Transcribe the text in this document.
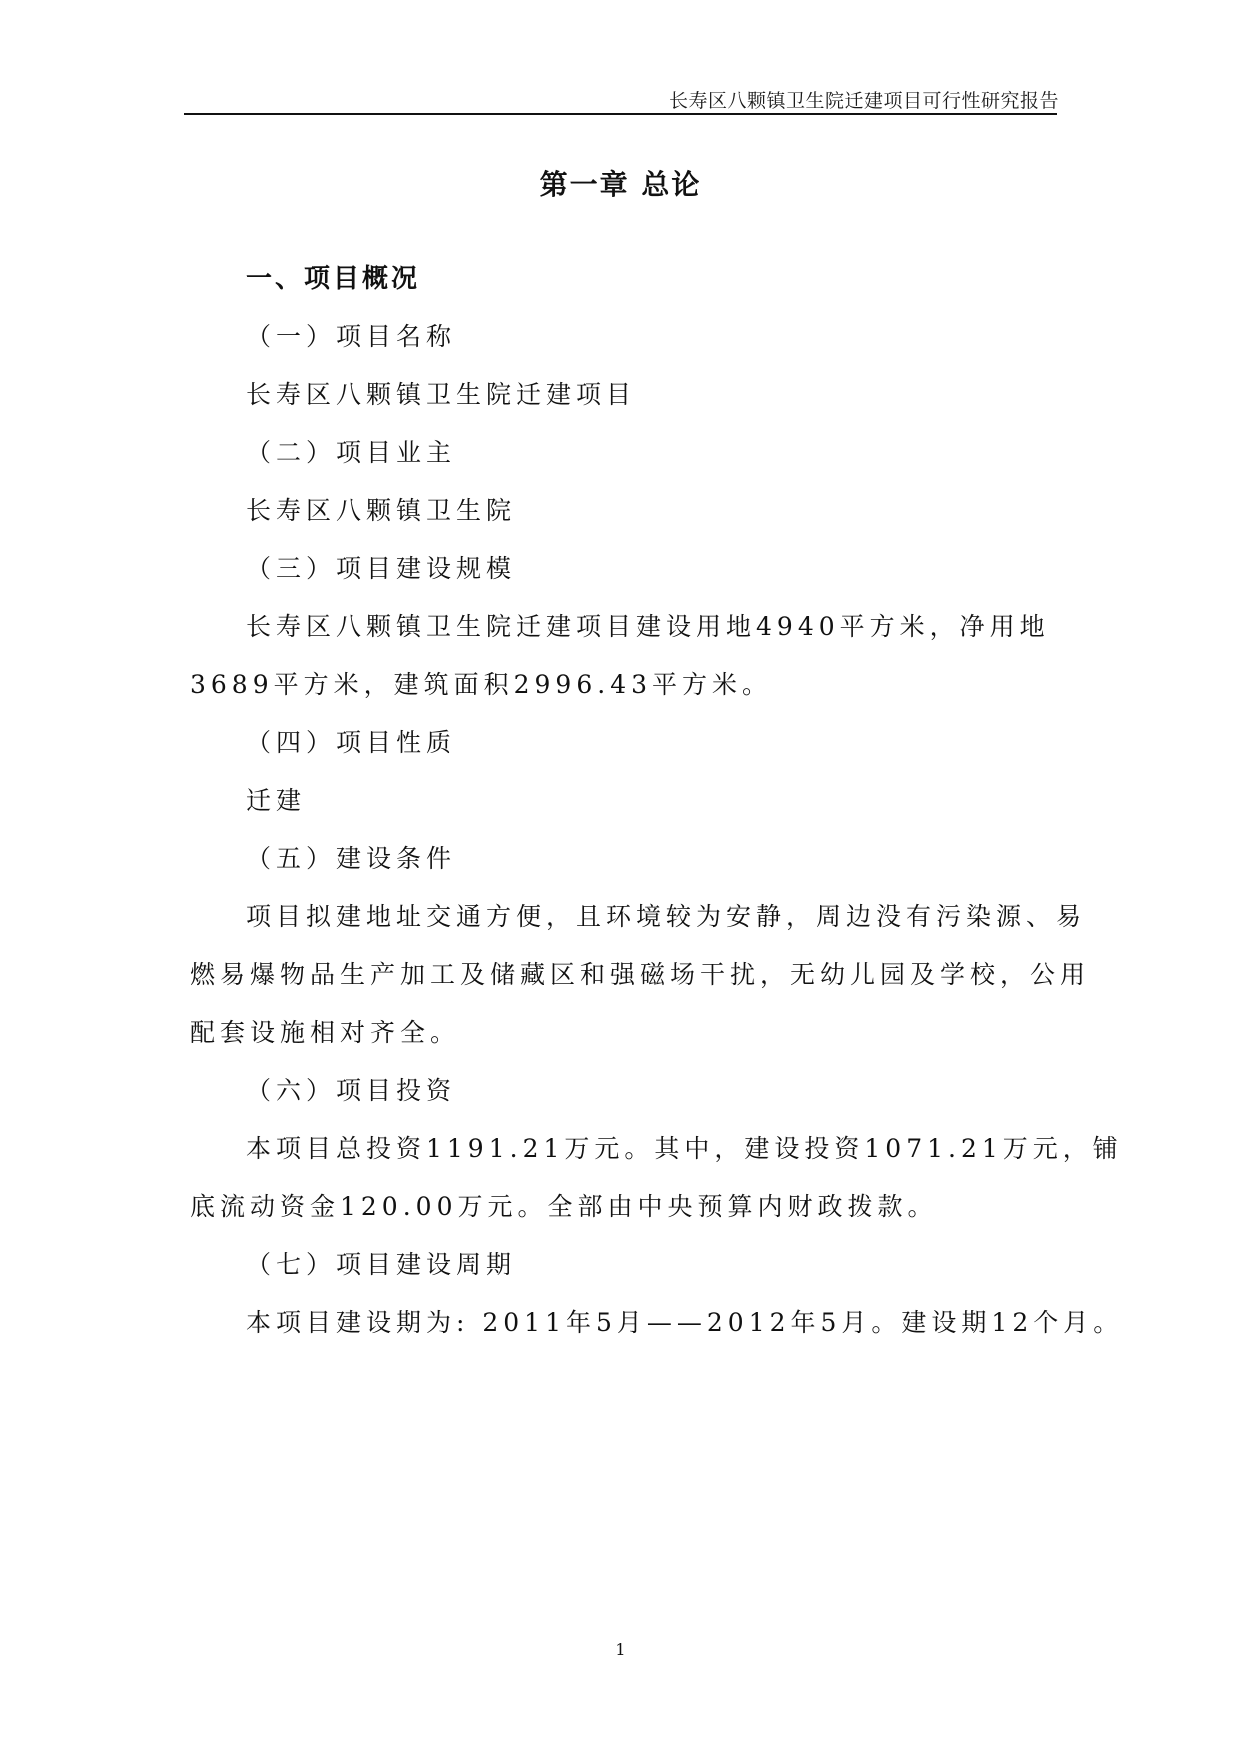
长寿区八颗镇卫生院迁建项目可行性研究报告
第一章 总论
一、项目概况
（一）项目名称
长寿区八颗镇卫生院迁建项目
（二）项目业主
长寿区八颗镇卫生院
（三）项目建设规模
长寿区八颗镇卫生院迁建项目建设用地4940平方米，净用地
3689平方米，建筑面积2996.43平方米。
（四）项目性质
迁建
（五）建设条件
项目拟建地址交通方便，且环境较为安静，周边没有污染源、易
燃易爆物品生产加工及储藏区和强磁场干扰，无幼儿园及学校，公用
配套设施相对齐全。
（六）项目投资
本项目总投资1191.21万元。其中，建设投资1071.21万元，铺
底流动资金120.00万元。全部由中央预算内财政拨款。
（七）项目建设周期
本项目建设期为: 2011年5月——2012年5月。建设期12个月。
1
